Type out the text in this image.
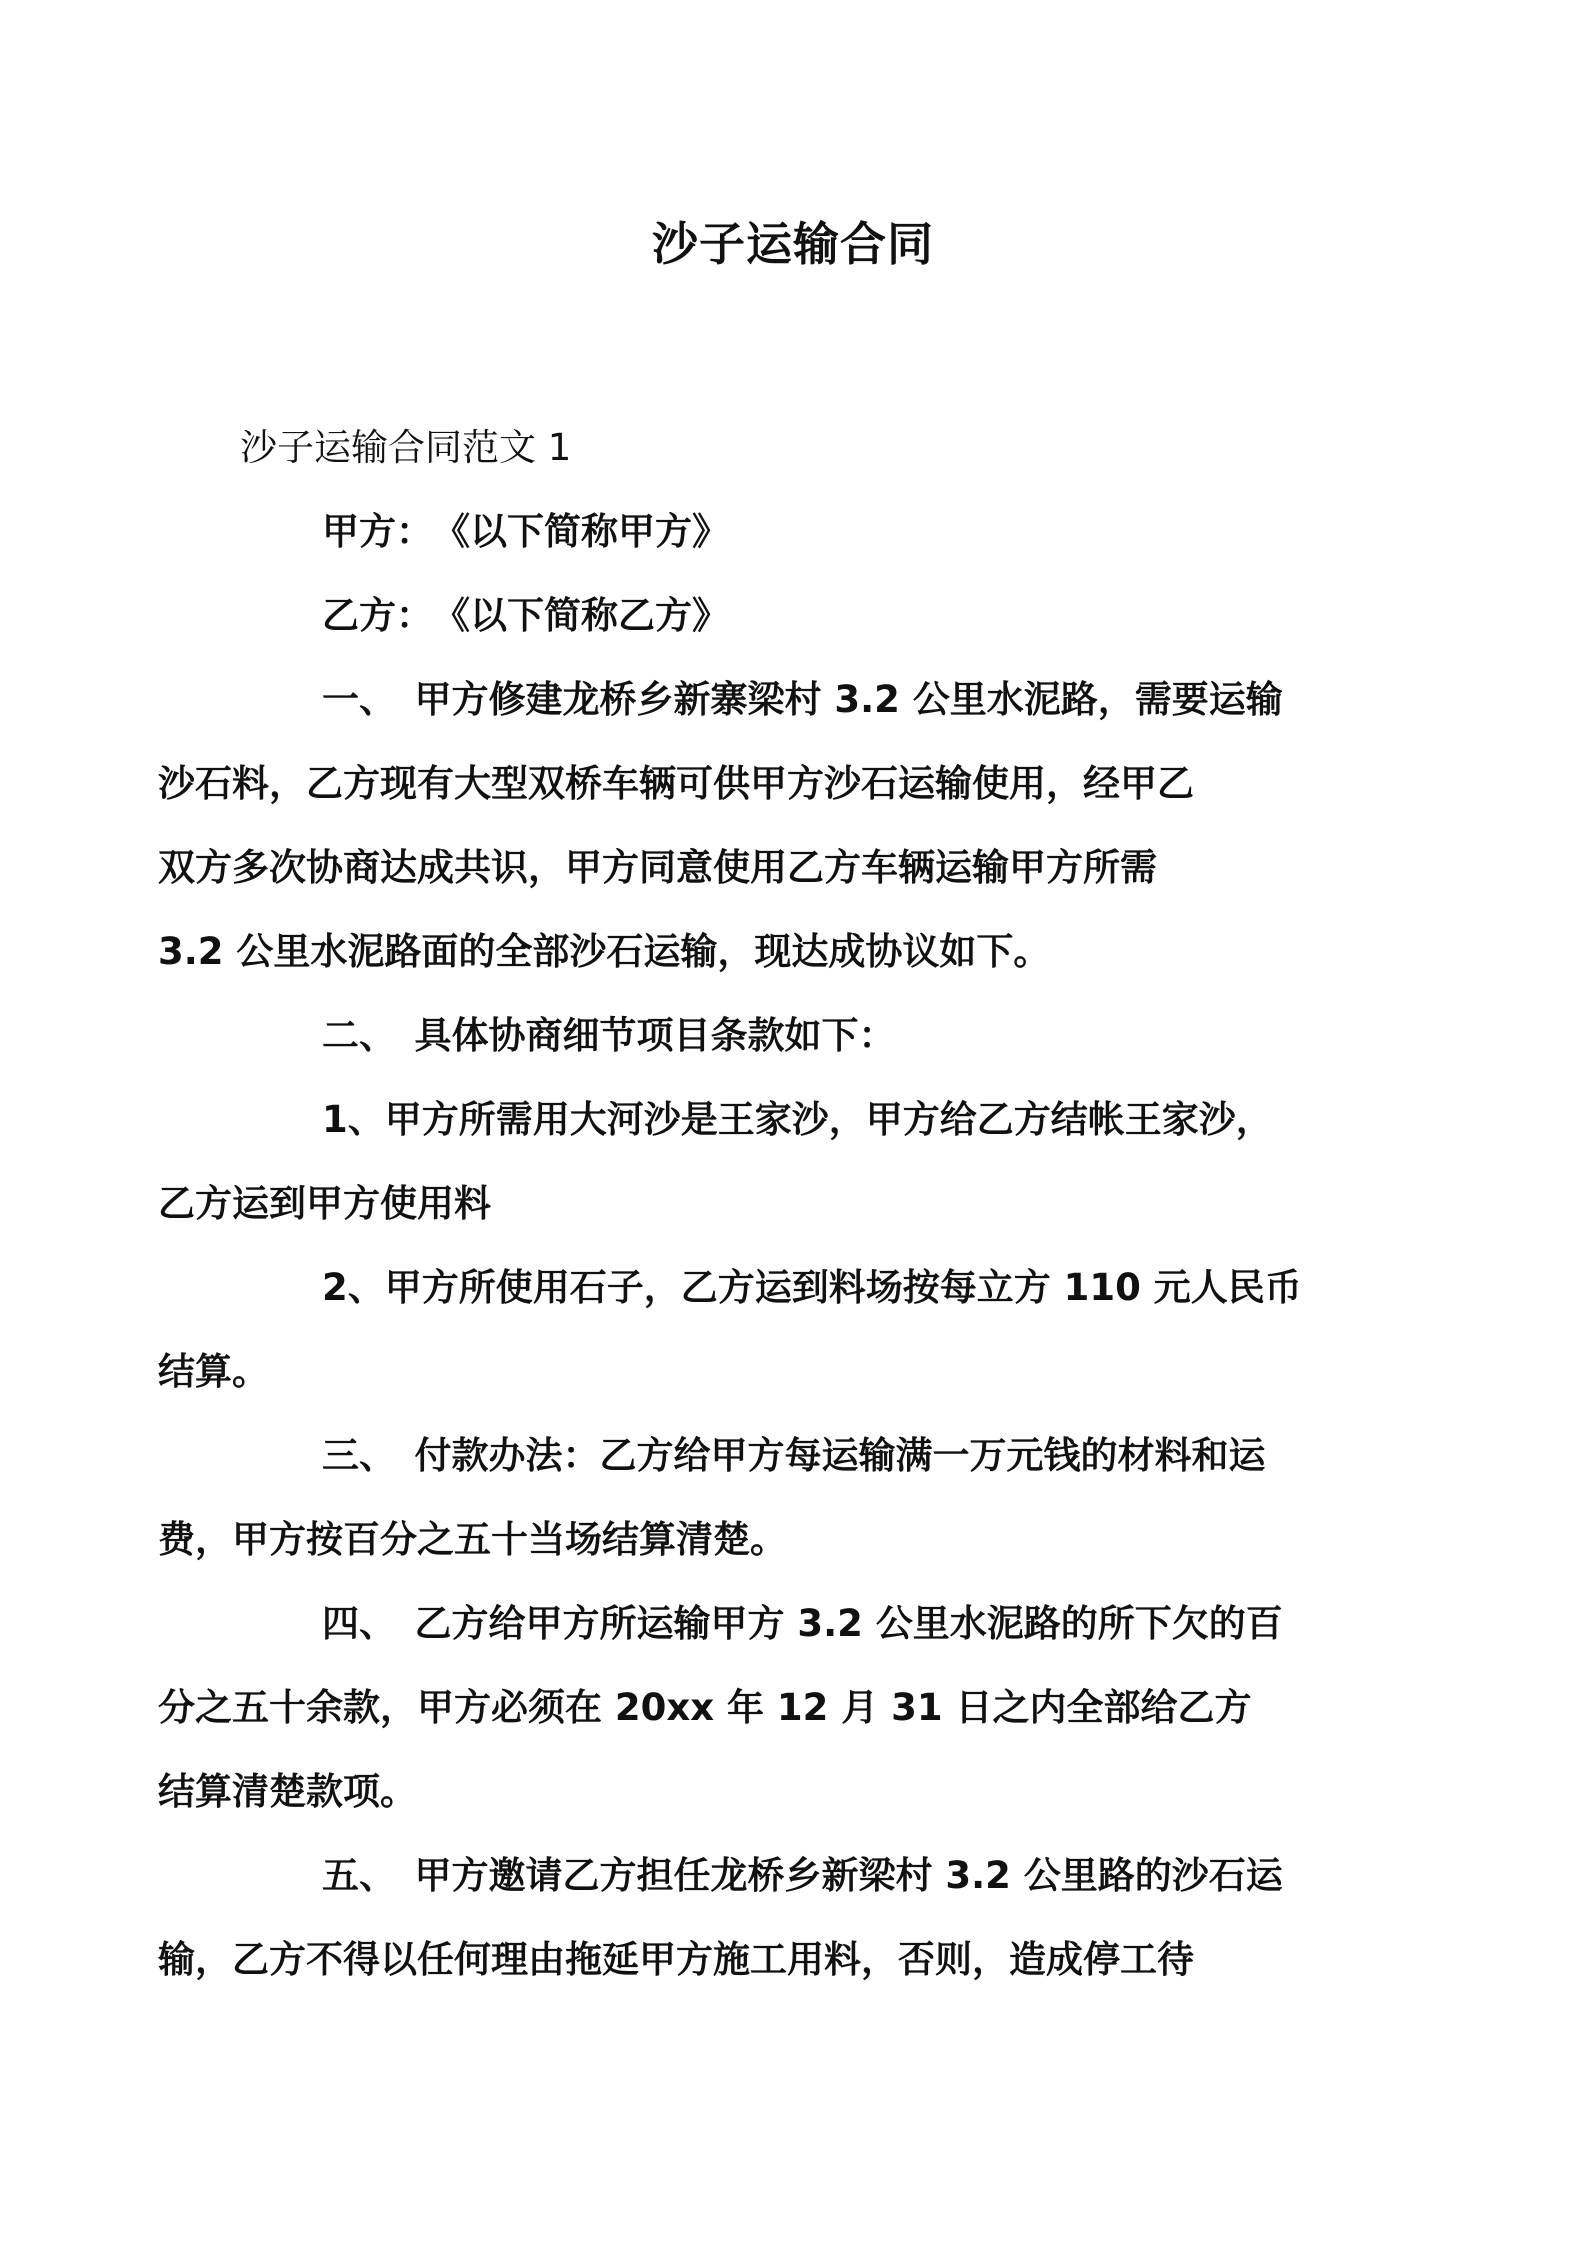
沙子运输合同

沙子运输合同范文 1

甲方：　《以下简称甲方》

乙方：　《以下简称乙方》

一、　甲方修建龙桥乡新寨梁村 3.2 公里水泥路，需要运输
沙石料，乙方现有大型双桥车辆可供甲方沙石运输使用，经甲乙
双方多次协商达成共识，甲方同意使用乙方车辆运输甲方所需
3.2 公里水泥路面的全部沙石运输，现达成协议如下。

二、　具体协商细节项目条款如下：

1、甲方所需用大河沙是王家沙，甲方给乙方结帐王家沙，
乙方运到甲方使用料

2、甲方所使用石子，乙方运到料场按每立方 110 元人民币
结算。

三、　付款办法：乙方给甲方每运输满一万元钱的材料和运
费，甲方按百分之五十当场结算清楚。

四、　乙方给甲方所运输甲方 3.2 公里水泥路的所下欠的百
分之五十余款，甲方必须在 20xx 年 12 月 31 日之内全部给乙方
结算清楚款项。

五、　甲方邀请乙方担任龙桥乡新梁村 3.2 公里路的沙石运
输，乙方不得以任何理由拖延甲方施工用料，否则，造成停工待
